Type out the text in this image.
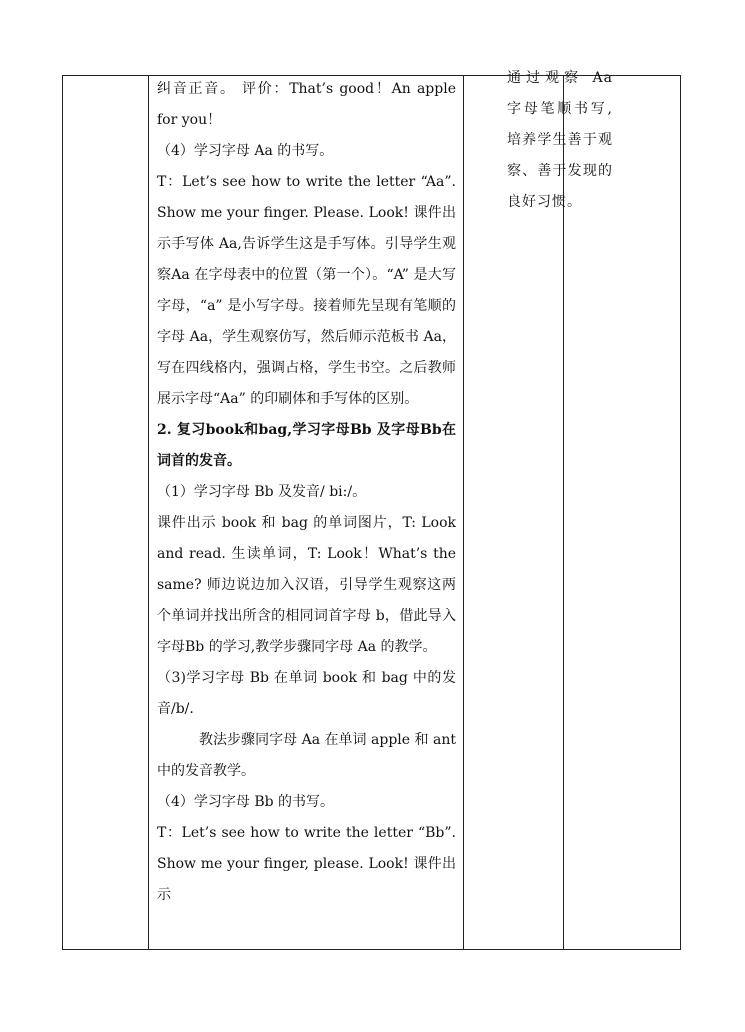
纠音正音。 评价：That’s good！An apple for you！

（4）学习字母 Aa 的书写。

T：Let’s see how to write the letter “Aa”. Show me your finger. Please. Look! 课件出示手写体 Aa,告诉学生这是手写体。引导学生观察Aa 在字母表中的位置（第一个）。“A” 是大写字母，“a” 是小写字母。接着师先呈现有笔顺的字母 Aa，学生观察仿写，然后师示范板书 Aa，写在四线格内，强调占格，学生书空。之后教师展示字母“Aa” 的印刷体和手写体的区别。

2. 复习book和bag,学习字母Bb 及字母Bb在词首的发音。

（1）学习字母 Bb 及发音/ bi:/。

课件出示 book 和 bag 的单词图片，T: Look and read. 生读单词，T: Look！What’s the same? 师边说边加入汉语，引导学生观察这两个单词并找出所含的相同词首字母 b，借此导入字母Bb 的学习,教学步骤同字母 Aa 的教学。

（3)学习字母 Bb 在单词 book 和 bag 中的发音/b/.

教法步骤同字母 Aa 在单词 apple 和 ant 中的发音教学。

（4）学习字母 Bb 的书写。

T：Let’s see how to write the letter “Bb”. Show me your finger, please. Look! 课件出示

通过观察 Aa 字母笔顺书写,培养学生善于观察、善于发现的良好习惯。
